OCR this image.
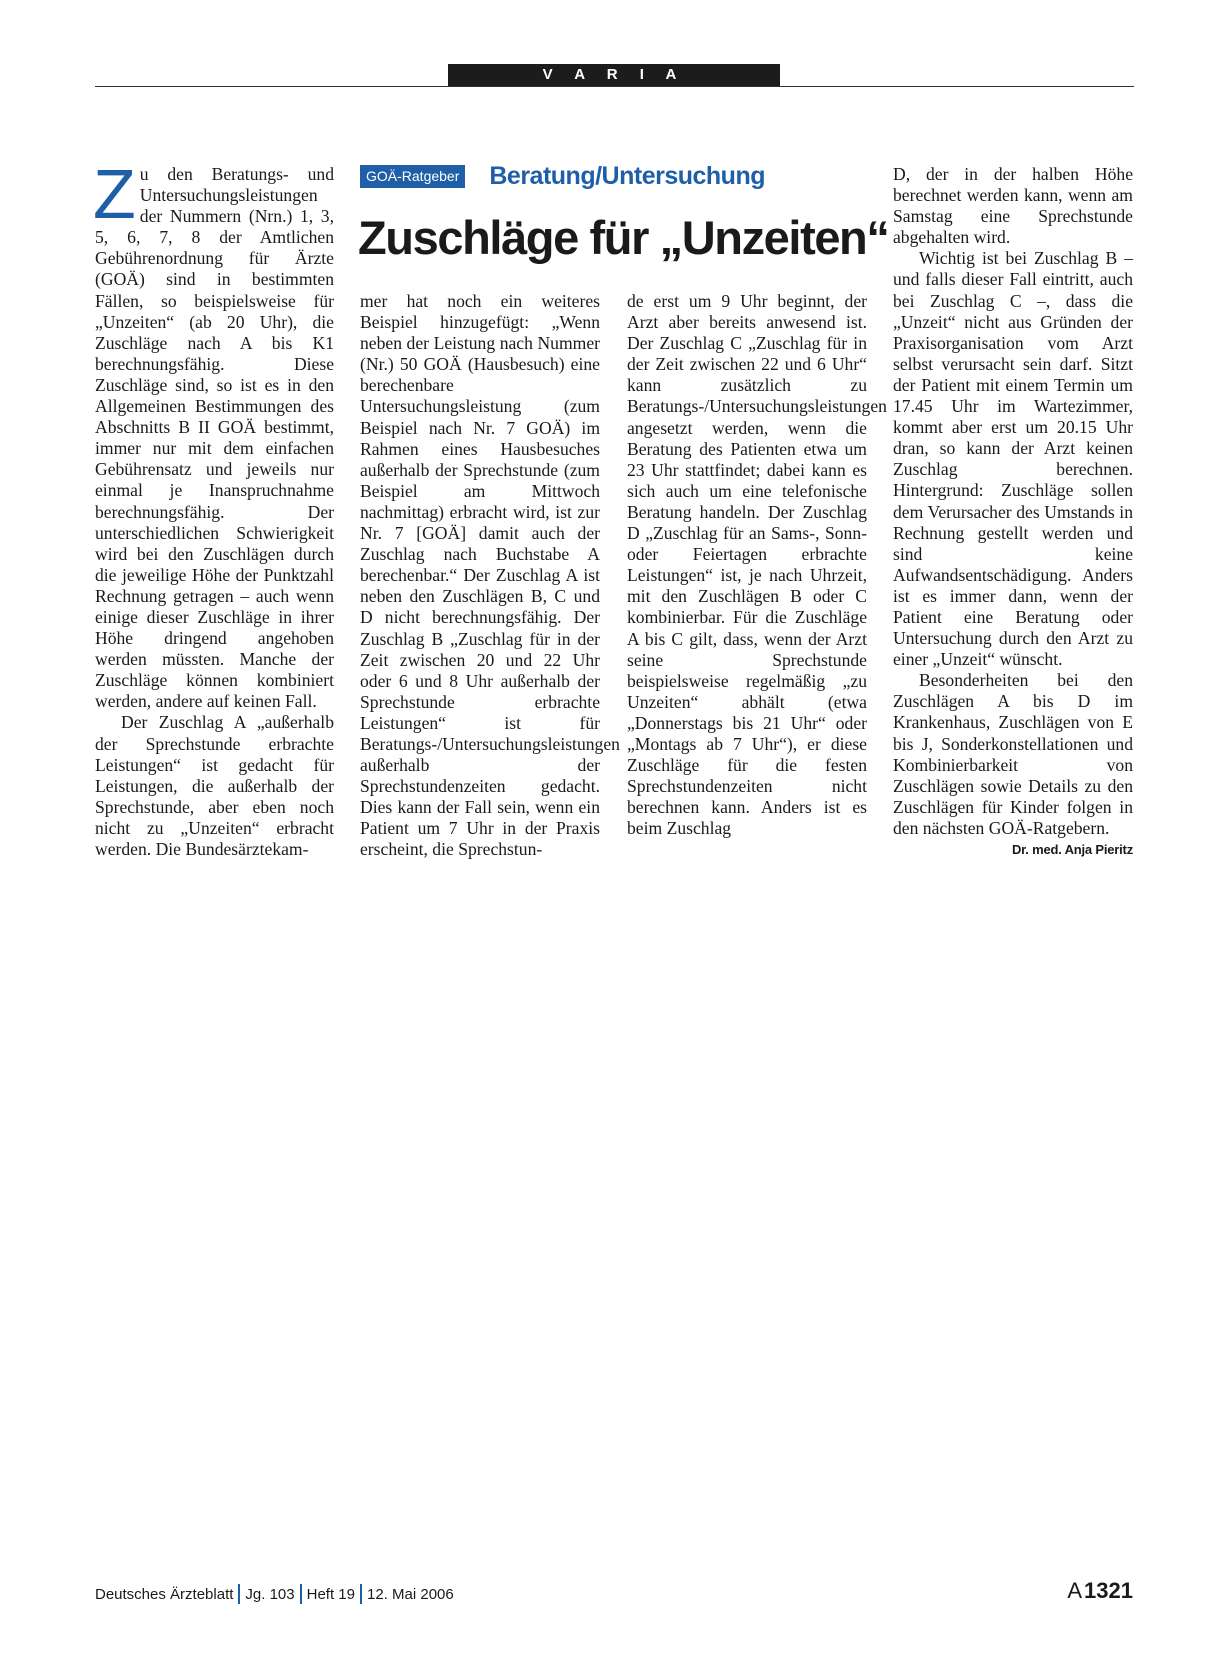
V A R I A

Zu den Beratungs- und Untersuchungsleistungen der Nummern (Nrn.) 1, 3, 5, 6, 7, 8 der Amtlichen Gebührenordnung für Ärzte (GOÄ) sind in bestimmten Fällen, so beispielsweise für „Unzeiten“ (ab 20 Uhr), die Zuschläge nach A bis K1 berechnungsfähig. Diese Zuschläge sind, so ist es in den Allgemeinen Bestimmungen des Abschnitts B II GOÄ bestimmt, immer nur mit dem einfachen Gebührensatz und jeweils nur einmal je Inanspruchnahme berechnungsfähig. Der unterschiedlichen Schwierigkeit wird bei den Zuschlägen durch die jeweilige Höhe der Punktzahl Rechnung getragen – auch wenn einige dieser Zuschläge in ihrer Höhe dringend angehoben werden müssten. Manche der Zuschläge können kombiniert werden, andere auf keinen Fall.

Der Zuschlag A „außerhalb der Sprechstunde erbrachte Leistungen“ ist gedacht für Leistungen, die außerhalb der Sprechstunde, aber eben noch nicht zu „Unzeiten“ erbracht werden. Die Bundesärztekam-

GOÄ-Ratgeber Beratung/Untersuchung
Zuschläge für „Unzeiten“

mer hat noch ein weiteres Beispiel hinzugefügt: „Wenn neben der Leistung nach Nummer (Nr.) 50 GOÄ (Hausbesuch) eine berechenbare Untersuchungsleistung (zum Beispiel nach Nr. 7 GOÄ) im Rahmen eines Hausbesuches außerhalb der Sprechstunde (zum Beispiel am Mittwoch nachmittag) erbracht wird, ist zur Nr. 7 [GOÄ] damit auch der Zuschlag nach Buchstabe A berechenbar.“ Der Zuschlag A ist neben den Zuschlägen B, C und D nicht berechnungsfähig. Der Zuschlag B „Zuschlag für in der Zeit zwischen 20 und 22 Uhr oder 6 und 8 Uhr außerhalb der Sprechstunde erbrachte Leistungen“ ist für Beratungs-/Untersuchungsleistungen außerhalb der Sprechstundenzeiten gedacht. Dies kann der Fall sein, wenn ein Patient um 7 Uhr in der Praxis erscheint, die Sprechstun-

de erst um 9 Uhr beginnt, der Arzt aber bereits anwesend ist. Der Zuschlag C „Zuschlag für in der Zeit zwischen 22 und 6 Uhr“ kann zusätzlich zu Beratungs-/Untersuchungsleistungen angesetzt werden, wenn die Beratung des Patienten etwa um 23 Uhr stattfindet; dabei kann es sich auch um eine telefonische Beratung handeln. Der Zuschlag D „Zuschlag für an Sams-, Sonn- oder Feiertagen erbrachte Leistungen“ ist, je nach Uhrzeit, mit den Zuschlägen B oder C kombinierbar. Für die Zuschläge A bis C gilt, dass, wenn der Arzt seine Sprechstunde beispielsweise regelmäßig „zu Unzeiten“ abhält (etwa „Donnerstags bis 21 Uhr“ oder „Montags ab 7 Uhr“), er diese Zuschläge für die festen Sprechstundenzeiten nicht berechnen kann. Anders ist es beim Zuschlag

D, der in der halben Höhe berechnet werden kann, wenn am Samstag eine Sprechstunde abgehalten wird.

Wichtig ist bei Zuschlag B – und falls dieser Fall eintritt, auch bei Zuschlag C –, dass die „Unzeit“ nicht aus Gründen der Praxisorganisation vom Arzt selbst verursacht sein darf. Sitzt der Patient mit einem Termin um 17.45 Uhr im Wartezimmer, kommt aber erst um 20.15 Uhr dran, so kann der Arzt keinen Zuschlag berechnen. Hintergrund: Zuschläge sollen dem Verursacher des Umstands in Rechnung gestellt werden und sind keine Aufwandsentschädigung. Anders ist es immer dann, wenn der Patient eine Beratung oder Untersuchung durch den Arzt zu einer „Unzeit“ wünscht.

Besonderheiten bei den Zuschlägen A bis D im Krankenhaus, Zuschlägen von E bis J, Sonderkonstellationen und Kombinierbarkeit von Zuschlägen sowie Details zu den Zuschlägen für Kinder folgen in den nächsten GOÄ-Ratgebern.
Dr. med. Anja Pieritz

Deutsches Ärzteblatt Jg. 103 Heft 19 12. Mai 2006	A1321
